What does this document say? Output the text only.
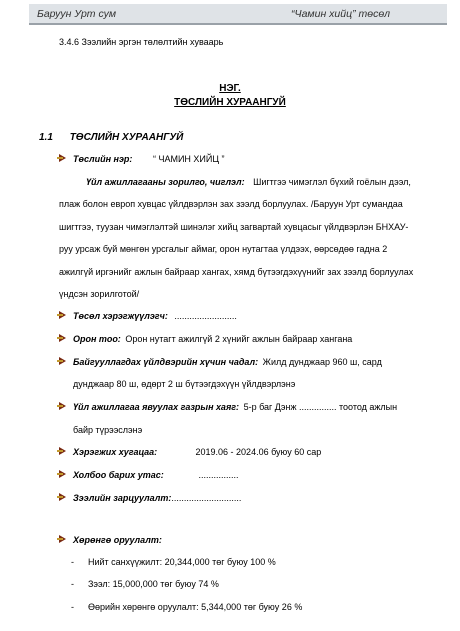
Баруун Урт сум	“Чамин хийц” төсөл
3.4.6 Зээлийн эргэн төлөлтийн хуваарь
НЭГ.
ТӨСЛИЙН ХУРААНГУЙ
1.1 ТӨСЛИЙН ХУРААНГУЙ
Төслийн нэр: “ ЧАМИН ХИЙЦ ”
Үйл ажиллагааны зорилго, чиглэл: Шигтгээ чимэглэл бүхий гоёлын дээл,
плаж болон европ хувцас үйлдвэрлэн зах зээлд борлуулах. /Баруун Урт сумандаа
шигтгээ, туузан чимэглэлтэй шинэлэг хийц загвартай хувцасыг үйлдвэрлэн БНХАУ-
руу урсаж буй мөнгөн урсгалыг аймаг, орон нутагтаа үлдээх, өөрсөдөө гадна 2
ажилгүй иргэнийг ажлын байраар хангах, хямд бүтээгдэхүүнийг зах зээлд борлуулах
үндсэн зорилготой/
Төсөл хэрэгжүүлэгч: .........................
Орон тоо: Орон нутагт ажилгүй 2 хүнийг ажлын байраар хангана
Байгууллагдах үйлдвэрийн хүчин чадал: Жилд дунджаар 960 ш, сард
дунджаар 80 ш, өдөрт 2 ш бүтээгдэхүүн үйлдвэрлэнэ
Үйл ажиллагаа явуулах газрын хаяг: 5-р баг Дэнж ............... тоотод ажлын
байр түрээслэнэ
Хэрэгжих хугацаа:	2019.06 - 2024.06 буюу 60 сар
Холбоо барих утас:	................
Зээлийн зарцуулалт:............................
Хөрөнгө оруулалт:
- Нийт санхүүжилт: 20,344,000 төг буюу 100 %
- Зээл: 15,000,000 төг буюу 74 %
- Өөрийн хөрөнгө оруулалт: 5,344,000 төг буюу 26 %
